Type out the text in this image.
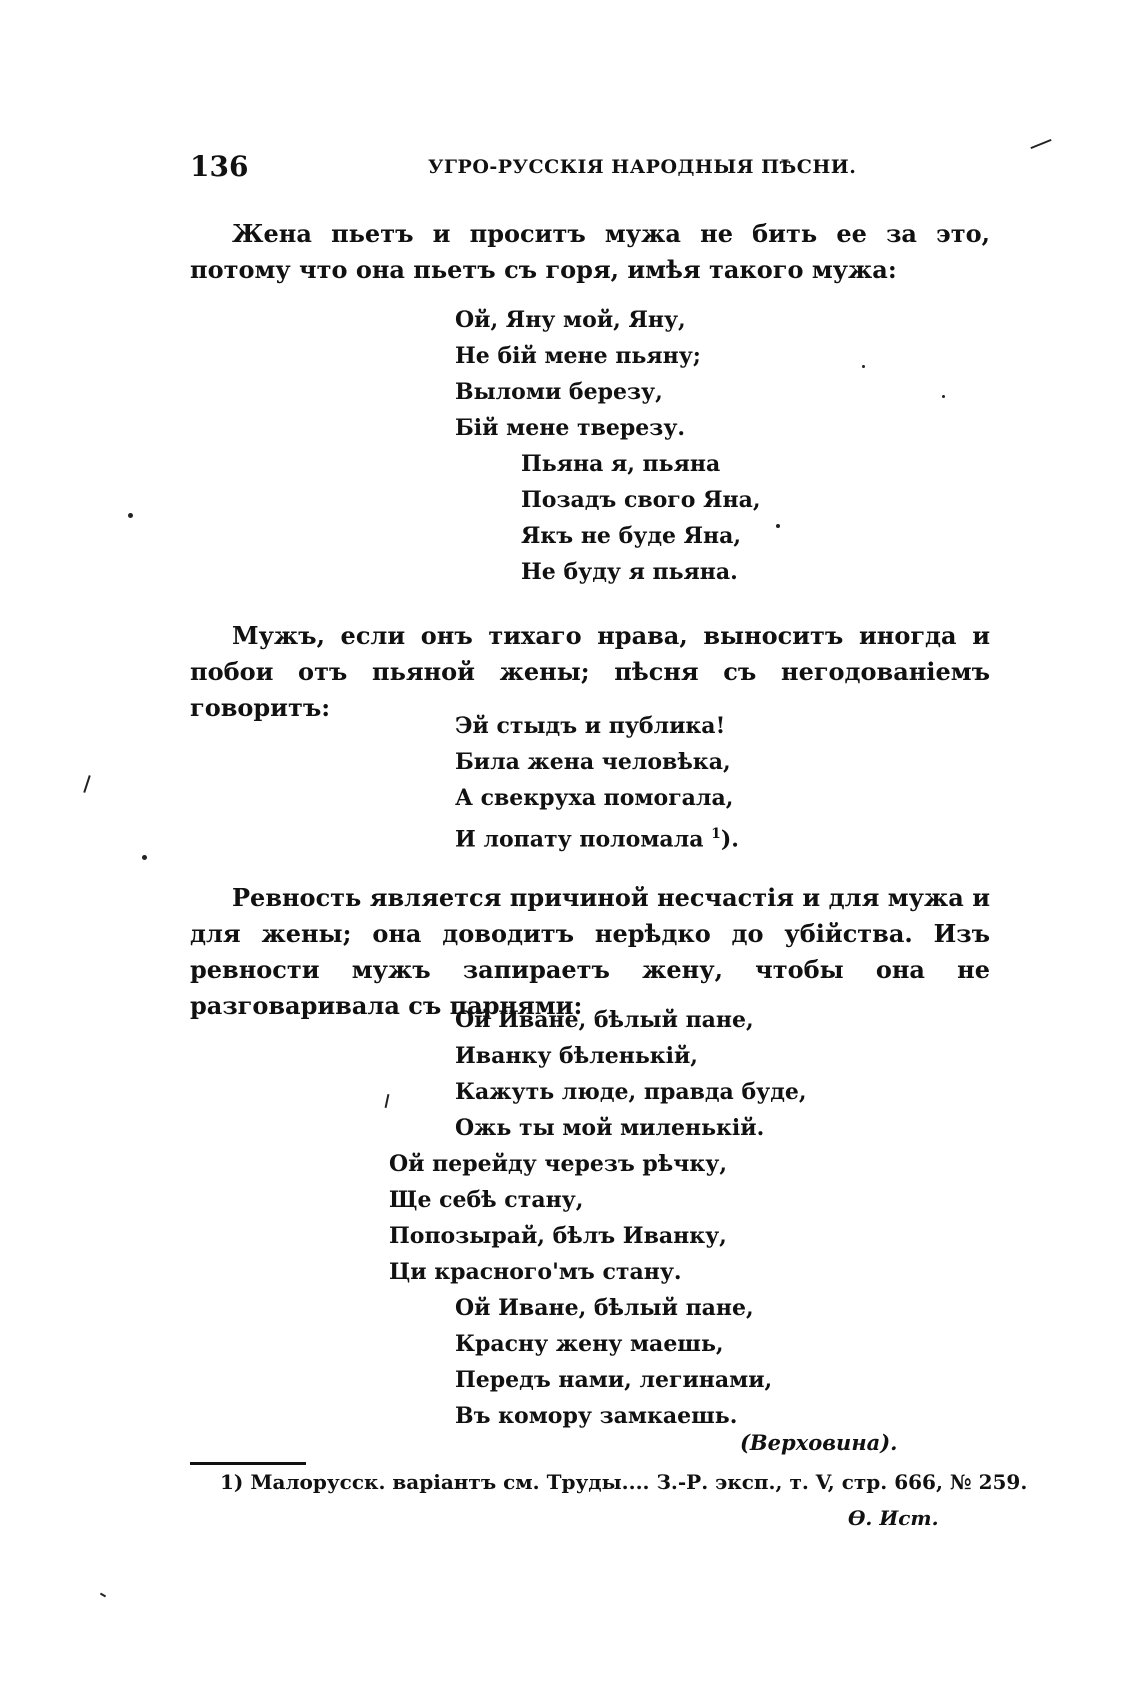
136	УГРО-РУССКІЯ НАРОДНЫЯ ПѢСНИ.

Жена пьетъ и проситъ мужа не бить ее за это, потому что она пьетъ съ горя, имѣя такого мужа:

Ой, Яну мой, Яну,
Не бій мене пьяну;
Выломи березу,
Бій мене тверезу.
Пьяна я, пьяна
Позадъ свого Яна,
Якъ не буде Яна,
Не буду я пьяна.

Мужъ, если онъ тихаго нрава, выноситъ иногда и побои отъ пьяной жены; пѣсня съ негодованіемъ говоритъ:

Эй стыдъ и публика!
Била жена человѣка,
А свекруха помогала,
И лопату поломала $^1$).

Ревность является причиной несчастія и для мужа и для жены; она доводитъ нерѣдко до убійства. Изъ ревности мужъ запираетъ жену, чтобы она не разговаривала съ парнями:

Ой Иване, бѣлый пане,
Иванку бѣленькій,
Кажуть люде, правда буде,
Ожь ты мой миленькій.
Ой перейду черезъ рѣчку,
Ще себѣ стану,
Попозырай, бѣлъ Иванку,
Ци красного'мъ стану.
Ой Иване, бѣлый пане,
Красну жену маешь,
Передъ нами, легинами,
Въ комору замкаешь.
(Верховина).
1) Малорусск. варіантъ см. Труды.... З.-Р. эксп., т. V, стр. 666, № 259.
Ѳ. Ист.
